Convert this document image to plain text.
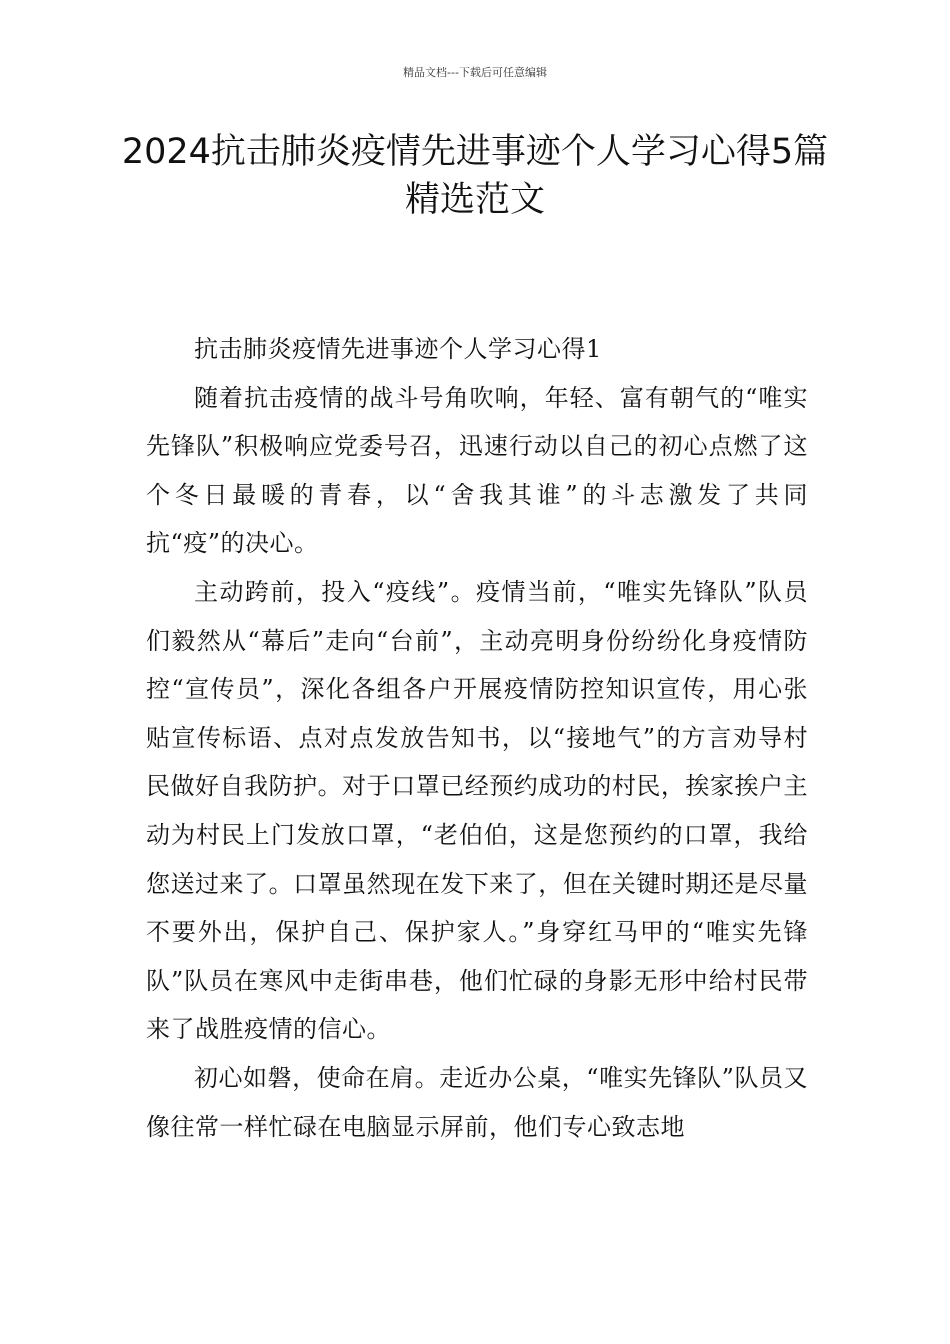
精品文档---下载后可任意编辑
2024抗击肺炎疫情先进事迹个人学习心得5篇精选范文

抗击肺炎疫情先进事迹个人学习心得1

随着抗击疫情的战斗号角吹响，年轻、富有朝气的“唯实先锋队”积极响应党委号召，迅速行动以自己的初心点燃了这个冬日最暖的青春，以“舍我其谁”的斗志激发了共同抗“疫”的决心。

主动跨前，投入“疫线”。疫情当前，“唯实先锋队”队员们毅然从“幕后”走向“台前”，主动亮明身份纷纷化身疫情防控“宣传员”，深化各组各户开展疫情防控知识宣传，用心张贴宣传标语、点对点发放告知书，以“接地气”的方言劝导村民做好自我防护。对于口罩已经预约成功的村民，挨家挨户主动为村民上门发放口罩，“老伯伯，这是您预约的口罩，我给您送过来了。口罩虽然现在发下来了，但在关键时期还是尽量不要外出，保护自己、保护家人。”身穿红马甲的“唯实先锋队”队员在寒风中走街串巷，他们忙碌的身影无形中给村民带来了战胜疫情的信心。

初心如磐，使命在肩。走近办公桌，“唯实先锋队”队员又像往常一样忙碌在电脑显示屏前，他们专心致志地
